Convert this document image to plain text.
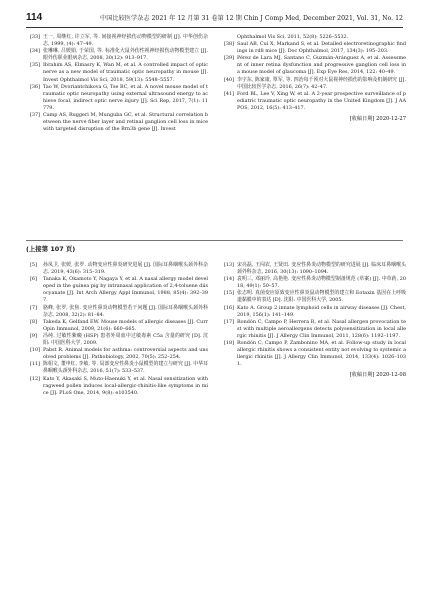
114	中国比较医学杂志 2021 年 12 月第 31 卷第 12 期 Chin J Comp Med, December 2021, Vol. 31, No. 12
[33] 王一, 周继红, 许立军, 等. 间接视神经损伤动物模型的研制 [J]. 中华创伤杂志, 1999, (4): 47–49.
[34] 张琳琳, 吕媛娟, 于荣国, 等. 标准化大鼠外伤性视神经损伤动物模型建立 [J]. 眼外伤职业眼病杂志, 2008, 30(12): 913–917.
[35] Ibrahim AS, Elmasry K, Wan M, et al. A controlled impact of optic nerve as a new model of traumatic optic neuropathy in mouse [J]. Invest Ophthalmol Vis Sci, 2018, 59(13): 5548–5557.
[36] Tao W, Dvoriantchikova G, Tse BC, et al. A novel mouse model of traumatic optic neuropathy using external ultrasound energy to achieve focal, indirect optic nerve injury [J]. Sci Rep, 2017, 7(1): 11779.
[37] Camp AS, Ruggeri M, Munguba GC, et al. Structural correlation between the nerve fiber layer and retinal ganglion cell loss in mice with targeted disruption of the Brn3b gene [J]. Invest
Ophthalmol Vis Sci, 2011, 52(8): 5226–5532.
[38] Saul AB, Cui X, Markand S, et al. Detailed electroretinographic findings in rd8 mice [J]. Doc Ophthalmol, 2017, 134(3): 195–203.
[39] Pérez de Lara MJ, Santano C, Guzmán-Aránguez A, et al. Assessment of inner retina dysfunction and progressive ganglion cell loss in a mouse model of glaucoma [J]. Exp Eye Res, 2014, 122: 40–49.
[40] 李宇东, 陈家康, 覃军, 等. 四治每千预对大鼠视神经损伤的影响及机制研究 [J]. 中国比较医学杂志, 2016, 26(7): 42–47.
[41] Ford BL, Lee V, Xing W, et al. A 2-year prospective surveillance of pediatric traumatic optic neuropathy in the United Kingdom [J]. J AAPOS, 2012, 16(5): 413–417.
[收稿日期] 2020-12-27
(上接第 107 页)
[5] 孙凤卫, 张媛, 张罗. 动物变应性鼻炎研究进展 [J]. 国际耳鼻咽喉头颈外科杂志, 2019, 43(6): 315–319.
[6] Tanaka K, Okamoto Y, Nagaya Y, et al. A nasal allergy model developed in the guinea pig by intranasal application of 2,4-toluene diisocyanate [J]. Int Arch Allergy Appl Immunol, 1988, 85(4): 392–397.
[7] 骆峰, 张罗, 张焦. 变应性鼻炎动物模型若干问题 [J]. 国际耳鼻咽喉头颈外科杂志, 2008, 32(2): 81–84.
[8] Takeda K, Gelfand EW. Mouse models of allergic diseases [J]. Curr Opin Immunol, 2009, 21(6): 660–665.
[9] 冯纯. 过敏性紫癜 (HSP) 患者外周血中过敏毒素 C5a 含量的研究 [D]. 沈阳: 中国医科大学, 2009.
[10] Pabst R. Animal models for asthma: controversial aspects and unsolved problems [J]. Pathobiology, 2002, 70(5): 252–254.
[11] 陈相文, 董申红, 李敏, 等. 局部变应性鼻炎小鼠模型的建立与研究 [J]. 中华耳鼻咽喉头颈外科杂志, 2016, 51(7): 533–537.
[12] Kato Y, Akasaki S, Muto-Haenuki Y, et al. Nasal sensitization with ragweed pollen induces local-allergic-rhinitis-like symptoms in mice [J]. PLoS One, 2014, 9(8): e103540.
[13] 宋亮磊, 王闯农, 王贤田. 变应性鼻炎动物模型的研究进展 [J]. 临床耳鼻咽喉头颈外科杂志, 2016, 30(13): 1090–1094.
[14] 袁明三, 邓丽玲, 高艳艳. 变应性鼻炎动物模型制备规范 (草案) [J]. 中草药, 2018, 49(1): 50–57.
[15] 张志明. 真菌变应原致变应性鼻炎鼠动物模型的建立和 Eotaxin 基因在上呼吸道黏膜中的表达 [D]. 沈阳: 中国医科大学, 2005.
[16] Kato A. Group 2 innate lymphoid cells in airway diseases [J]. Chest, 2019, 156(1): 141–149.
[17] Rondón C, Campo P, Herrera R, et al. Nasal allergen provocation test with multiple aeroallergens detects polysensitization in local allergic rhinitis [J]. J Allergy Clin Immunol, 2011, 128(6): 1192–1197.
[18] Rondón C, Campo P, Zambonino MA, et al. Follow-up study in local allergic rhinitis shows a consistent entity not evolving to systemic allergic rhinitis [J]. J Allergy Clin Immunol, 2014, 133(4): 1026–1031.
[收稿日期] 2020-12-08
